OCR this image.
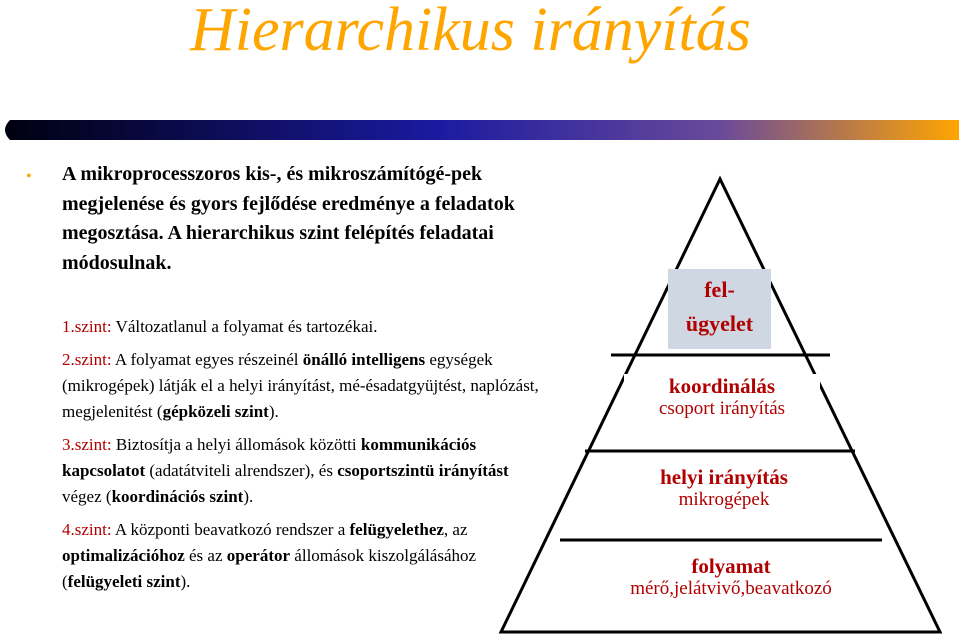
Hierarchikus irányítás
• A mikroprocesszoros kis-, és mikroszámítógé-pek megjelenése és gyors fejlődése eredménye a feladatok megosztása. A hierarchikus szint felépítés feladatai módosulnak.
1.szint: Változatlanul a folyamat és tartozékai.
2.szint: A folyamat egyes részeinél önálló intelligens egységek (mikrogépek) látják el a helyi irányítást, mé-ésadatgyüjtést, naplózást, megjelenitést (gépközeli szint).
3.szint: Biztosítja a helyi állomások közötti kommunikációs kapcsolatot (adatátviteli alrendszer), és csoportszintü irányítást végez (koordinációs szint).
4.szint: A központi beavatkozó rendszer a felügyelethez, az optimalizációhoz és az operátor állomások kiszolgálásához (felügyeleti szint).
fel-
ügyelet
koordinálás
csoport irányítás
helyi irányítás
mikrogépek
folyamat
mérő,jelátvivő,beavatkozó
